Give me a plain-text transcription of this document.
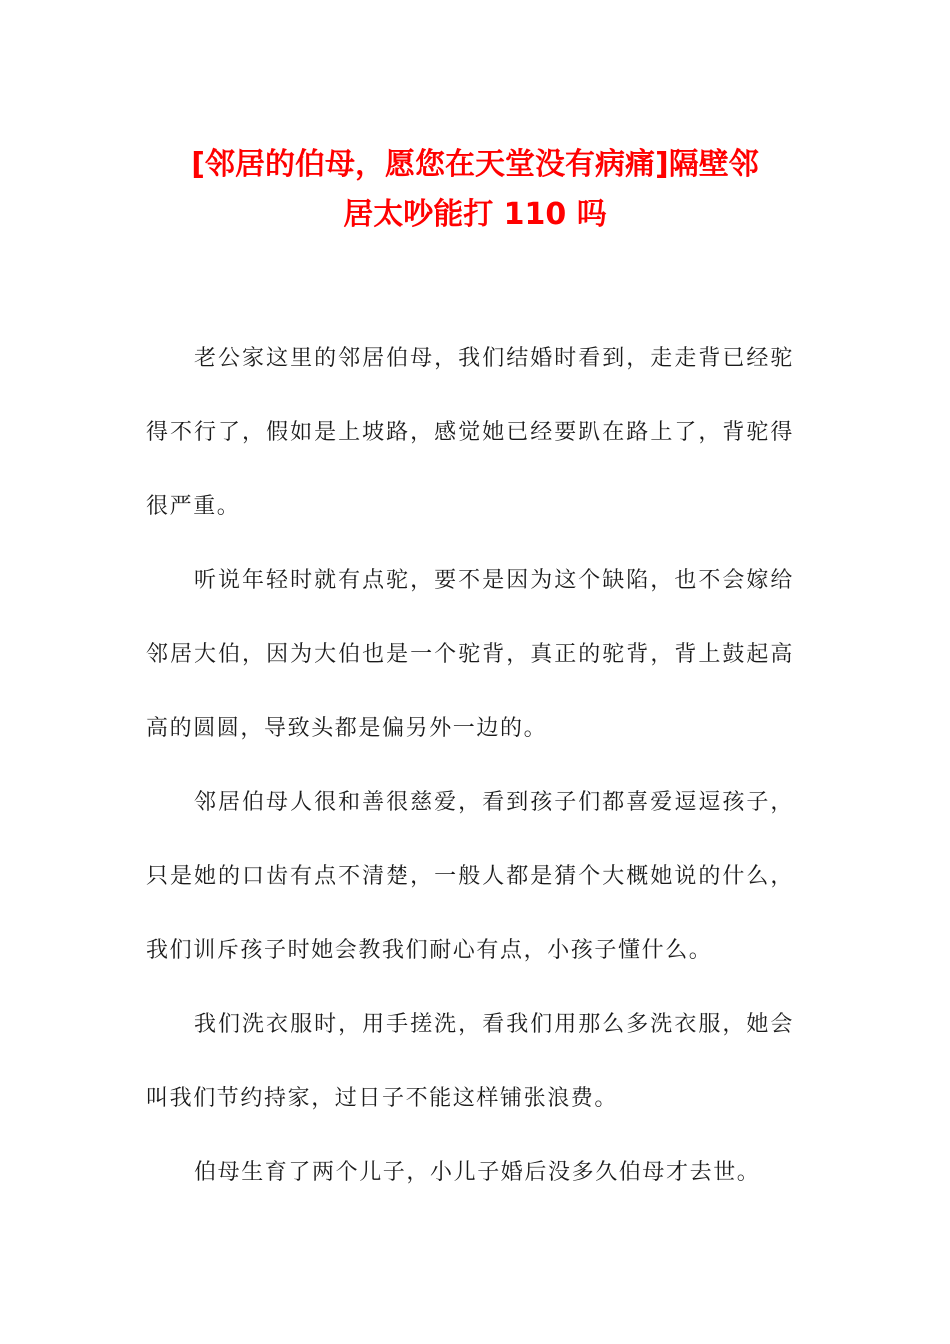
[邻居的伯母，愿您在天堂没有病痛]隔壁邻
居太吵能打 110 吗

老公家这里的邻居伯母，我们结婚时看到，走走背已经驼得不行了，假如是上坡路，感觉她已经要趴在路上了，背驼得很严重。

听说年轻时就有点驼，要不是因为这个缺陷，也不会嫁给邻居大伯，因为大伯也是一个驼背，真正的驼背，背上鼓起高高的圆圆，导致头都是偏另外一边的。

邻居伯母人很和善很慈爱，看到孩子们都喜爱逗逗孩子，只是她的口齿有点不清楚，一般人都是猜个大概她说的什么，我们训斥孩子时她会教我们耐心有点，小孩子懂什么。

我们洗衣服时，用手搓洗，看我们用那么多洗衣服，她会叫我们节约持家，过日子不能这样铺张浪费。

伯母生育了两个儿子，小儿子婚后没多久伯母才去世。
